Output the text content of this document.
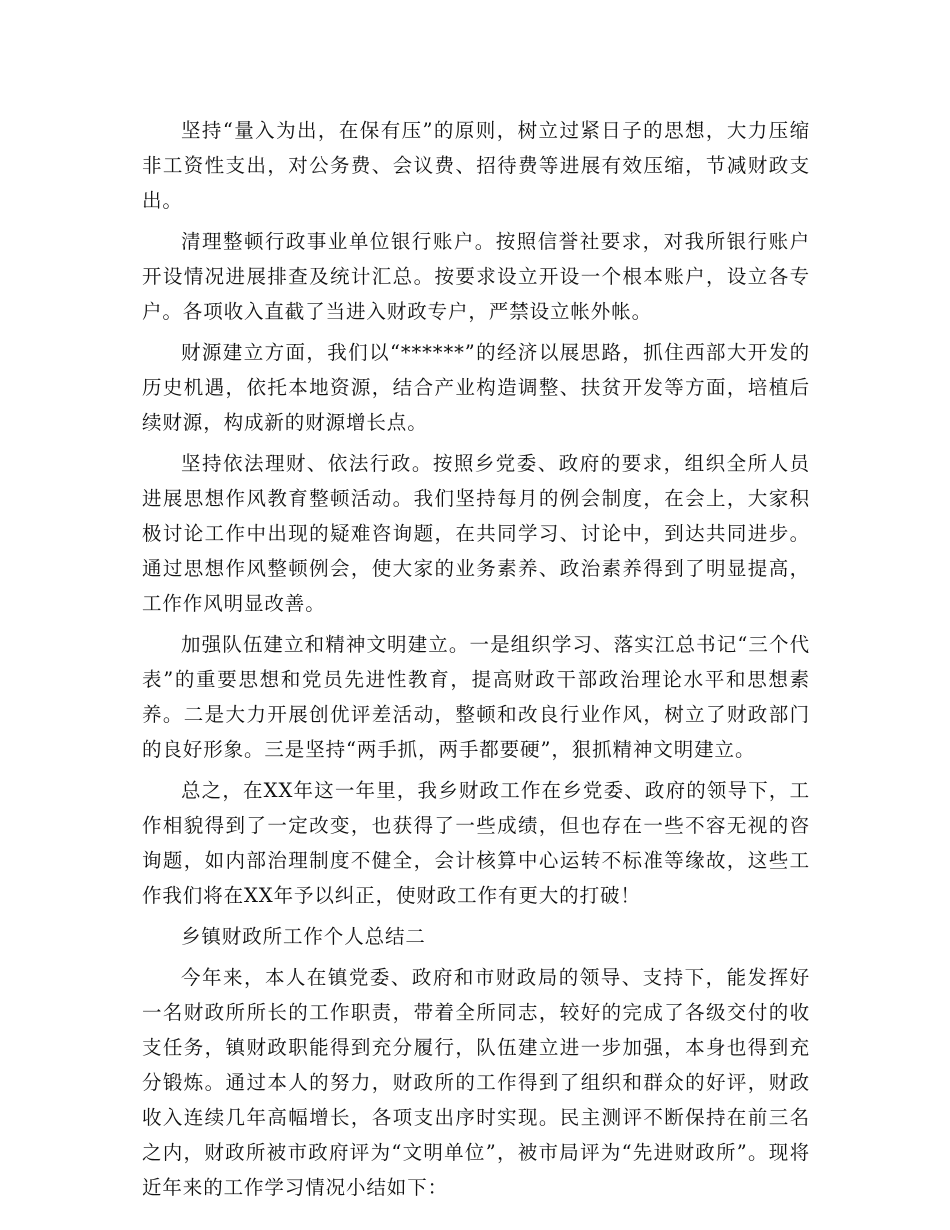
坚持“量入为出，在保有压”的原则，树立过紧日子的思想，大力压缩非工资性支出，对公务费、会议费、招待费等进展有效压缩，节减财政支出。

清理整顿行政事业单位银行账户。按照信誉社要求，对我所银行账户开设情况进展排查及统计汇总。按要求设立开设一个根本账户，设立各专户。各项收入直截了当进入财政专户，严禁设立帐外帐。

财源建立方面，我们以“******”的经济以展思路，抓住西部大开发的历史机遇，依托本地资源，结合产业构造调整、扶贫开发等方面，培植后续财源，构成新的财源增长点。

坚持依法理财、依法行政。按照乡党委、政府的要求，组织全所人员进展思想作风教育整顿活动。我们坚持每月的例会制度，在会上，大家积极讨论工作中出现的疑难咨询题，在共同学习、讨论中，到达共同进步。通过思想作风整顿例会，使大家的业务素养、政治素养得到了明显提高，工作作风明显改善。

加强队伍建立和精神文明建立。一是组织学习、落实江总书记“三个代表”的重要思想和党员先进性教育，提高财政干部政治理论水平和思想素养。二是大力开展创优评差活动，整顿和改良行业作风，树立了财政部门的良好形象。三是坚持“两手抓，两手都要硬”，狠抓精神文明建立。

总之，在XX年这一年里，我乡财政工作在乡党委、政府的领导下，工作相貌得到了一定改变，也获得了一些成绩，但也存在一些不容无视的咨询题，如内部治理制度不健全，会计核算中心运转不标准等缘故，这些工作我们将在XX年予以纠正，使财政工作有更大的打破！

乡镇财政所工作个人总结二

今年来，本人在镇党委、政府和市财政局的领导、支持下，能发挥好一名财政所所长的工作职责，带着全所同志，较好的完成了各级交付的收支任务，镇财政职能得到充分履行，队伍建立进一步加强，本身也得到充分锻炼。通过本人的努力，财政所的工作得到了组织和群众的好评，财政收入连续几年高幅增长，各项支出序时实现。民主测评不断保持在前三名之内，财政所被市政府评为“文明单位”，被市局评为“先进财政所”。现将近年来的工作学习情况小结如下：
